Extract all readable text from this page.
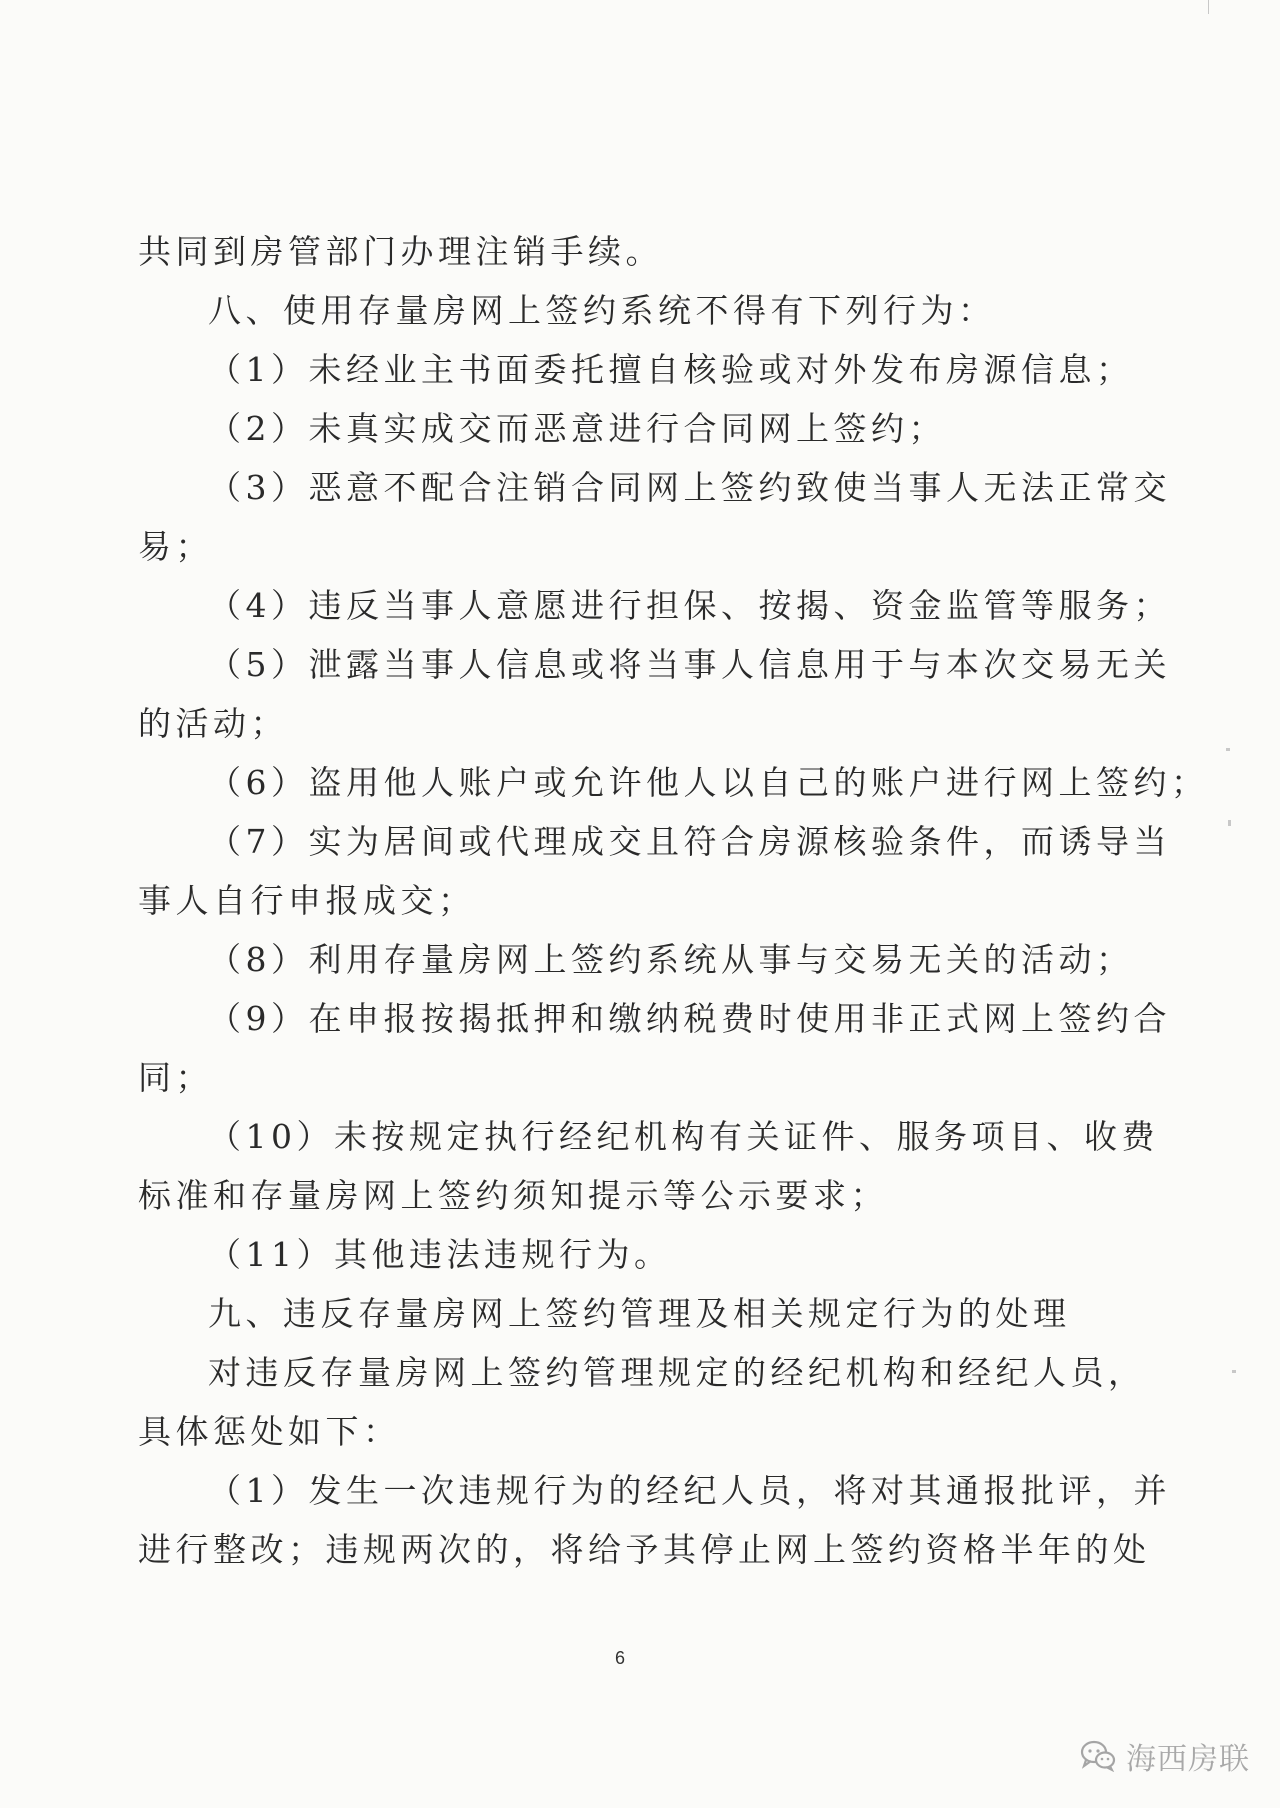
共同到房管部门办理注销手续。
八、使用存量房网上签约系统不得有下列行为：
（1）未经业主书面委托擅自核验或对外发布房源信息；
（2）未真实成交而恶意进行合同网上签约；
（3）恶意不配合注销合同网上签约致使当事人无法正常交
易；
（4）违反当事人意愿进行担保、按揭、资金监管等服务；
（5）泄露当事人信息或将当事人信息用于与本次交易无关
的活动；
（6）盗用他人账户或允许他人以自己的账户进行网上签约；
（7）实为居间或代理成交且符合房源核验条件，而诱导当
事人自行申报成交；
（8）利用存量房网上签约系统从事与交易无关的活动；
（9）在申报按揭抵押和缴纳税费时使用非正式网上签约合
同；
（10）未按规定执行经纪机构有关证件、服务项目、收费
标准和存量房网上签约须知提示等公示要求；
（11）其他违法违规行为。
九、违反存量房网上签约管理及相关规定行为的处理
对违反存量房网上签约管理规定的经纪机构和经纪人员，
具体惩处如下：
（1）发生一次违规行为的经纪人员，将对其通报批评，并
进行整改；违规两次的，将给予其停止网上签约资格半年的处
6
海西房联
